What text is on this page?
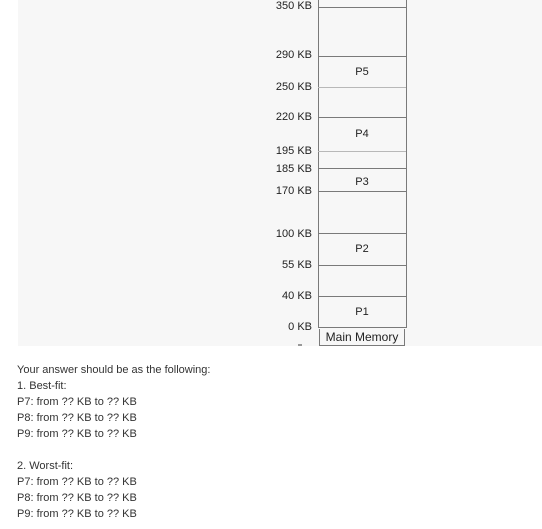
350 KB
290 KB
250 KB
220 KB
195 KB
185 KB
170 KB
100 KB
55 KB
40 KB
0 KB
P5
P4
P3
P2
P1
Main Memory
Your answer should be as the following:
1. Best-fit:
P7: from ?? KB to ?? KB
P8: from ?? KB to ?? KB
P9: from ?? KB to ?? KB
2. Worst-fit:
P7: from ?? KB to ?? KB
P8: from ?? KB to ?? KB
P9: from ?? KB to ?? KB
